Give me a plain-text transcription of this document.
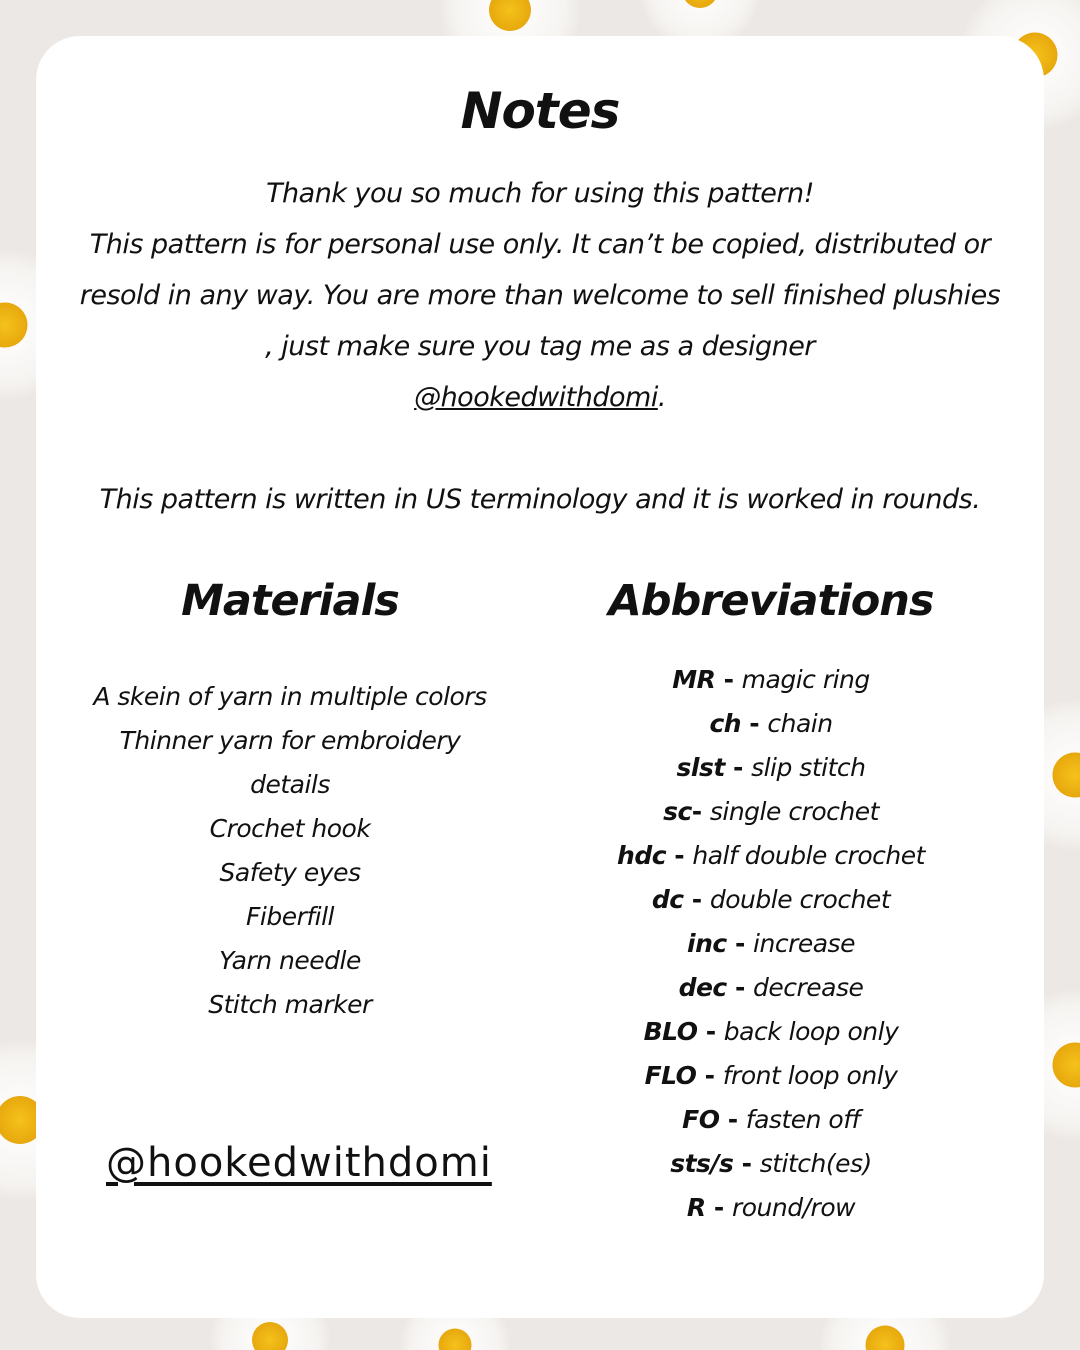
Notes

Thank you so much for using this pattern!

This pattern is for personal use only. It can’t be copied, distributed or resold in any way. You are more than welcome to sell finished plushies , just make sure you tag me as a designer
@hookedwithdomi.

This pattern is written in US terminology and it is worked in rounds.

Materials
A skein of yarn in multiple colors
Thinner yarn for embroidery details
Crochet hook
Safety eyes
Fiberfill
Yarn needle
Stitch marker
Abbreviations
MR - magic ring
ch - chain
slst - slip stitch
sc- single crochet
hdc - half double crochet
dc - double crochet
inc - increase
dec - decrease
BLO - back loop only
FLO - front loop only
FO - fasten off
sts/s - stitch(es)
R - round/row
@hookedwithdomi
